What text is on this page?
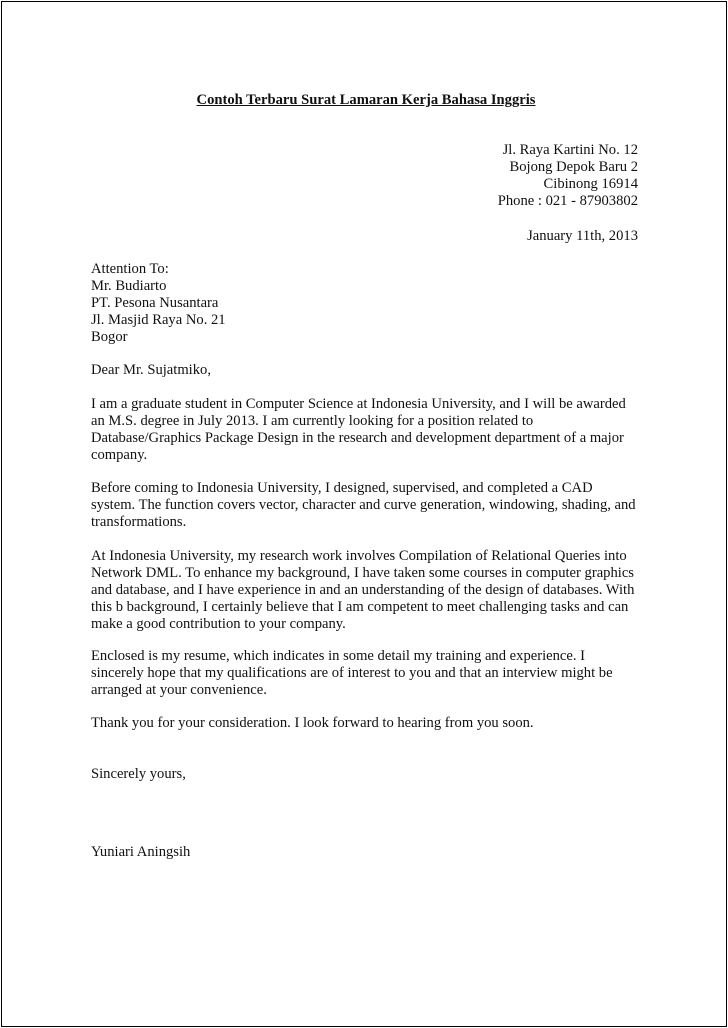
Contoh Terbaru Surat Lamaran Kerja Bahasa Inggris
Jl. Raya Kartini No. 12
Bojong Depok Baru 2
Cibinong 16914
Phone : 021 - 87903802
January 11th, 2013
Attention To:
Mr. Budiarto
PT. Pesona Nusantara
Jl. Masjid Raya No. 21
Bogor
Dear Mr. Sujatmiko,
I am a graduate student in Computer Science at Indonesia University, and I will be awarded
an M.S. degree in July 2013. I am currently looking for a position related to
Database/Graphics Package Design in the research and development department of a major
company.
Before coming to Indonesia University, I designed, supervised, and completed a CAD
system. The function covers vector, character and curve generation, windowing, shading, and
transformations.
At Indonesia University, my research work involves Compilation of Relational Queries into
Network DML. To enhance my background, I have taken some courses in computer graphics
and database, and I have experience in and an understanding of the design of databases. With
this b background, I certainly believe that I am competent to meet challenging tasks and can
make a good contribution to your company.
Enclosed is my resume, which indicates in some detail my training and experience. I
sincerely hope that my qualifications are of interest to you and that an interview might be
arranged at your convenience.
Thank you for your consideration. I look forward to hearing from you soon.
Sincerely yours,
Yuniari Aningsih
